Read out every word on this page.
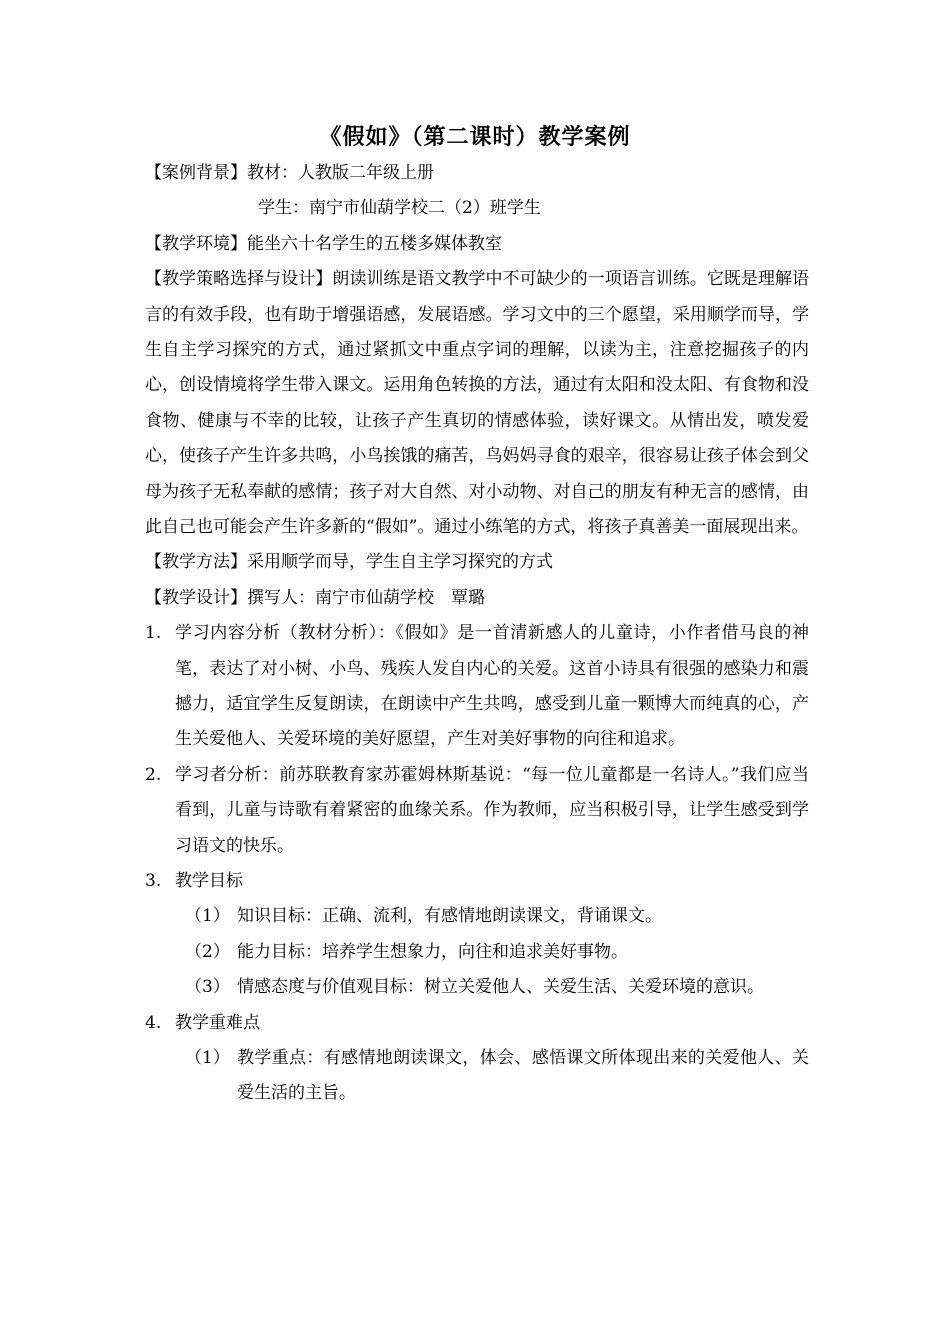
《假如》（第二课时）教学案例
【案例背景】教材：人教版二年级上册
学生：南宁市仙葫学校二（2）班学生
【教学环境】能坐六十名学生的五楼多媒体教室
【教学策略选择与设计】朗读训练是语文教学中不可缺少的一项语言训练。它既是理解语言的有效手段，也有助于增强语感，发展语感。学习文中的三个愿望，采用顺学而导，学生自主学习探究的方式，通过紧抓文中重点字词的理解，以读为主，注意挖掘孩子的内心，创设情境将学生带入课文。运用角色转换的方法，通过有太阳和没太阳、有食物和没食物、健康与不幸的比较，让孩子产生真切的情感体验，读好课文。从情出发，喷发爱心，使孩子产生许多共鸣，小鸟挨饿的痛苦，鸟妈妈寻食的艰辛，很容易让孩子体会到父母为孩子无私奉献的感情；孩子对大自然、对小动物、对自己的朋友有种无言的感情，由此自己也可能会产生许多新的“假如”。通过小练笔的方式，将孩子真善美一面展现出来。
【教学方法】采用顺学而导，学生自主学习探究的方式
【教学设计】撰写人：南宁市仙葫学校　覃璐
1. 学习内容分析（教材分析）：《假如》是一首清新感人的儿童诗，小作者借马良的神笔，表达了对小树、小鸟、残疾人发自内心的关爱。这首小诗具有很强的感染力和震撼力，适宜学生反复朗读，在朗读中产生共鸣，感受到儿童一颗博大而纯真的心，产生关爱他人、关爱环境的美好愿望，产生对美好事物的向往和追求。
2. 学习者分析：前苏联教育家苏霍姆林斯基说：“每一位儿童都是一名诗人。”我们应当看到，儿童与诗歌有着紧密的血缘关系。作为教师，应当积极引导，让学生感受到学习语文的快乐。
3. 教学目标
（1） 知识目标：正确、流利，有感情地朗读课文，背诵课文。
（2） 能力目标：培养学生想象力，向往和追求美好事物。
（3） 情感态度与价值观目标：树立关爱他人、关爱生活、关爱环境的意识。
4. 教学重难点
（1） 教学重点：有感情地朗读课文，体会、感悟课文所体现出来的关爱他人、关爱生活的主旨。
